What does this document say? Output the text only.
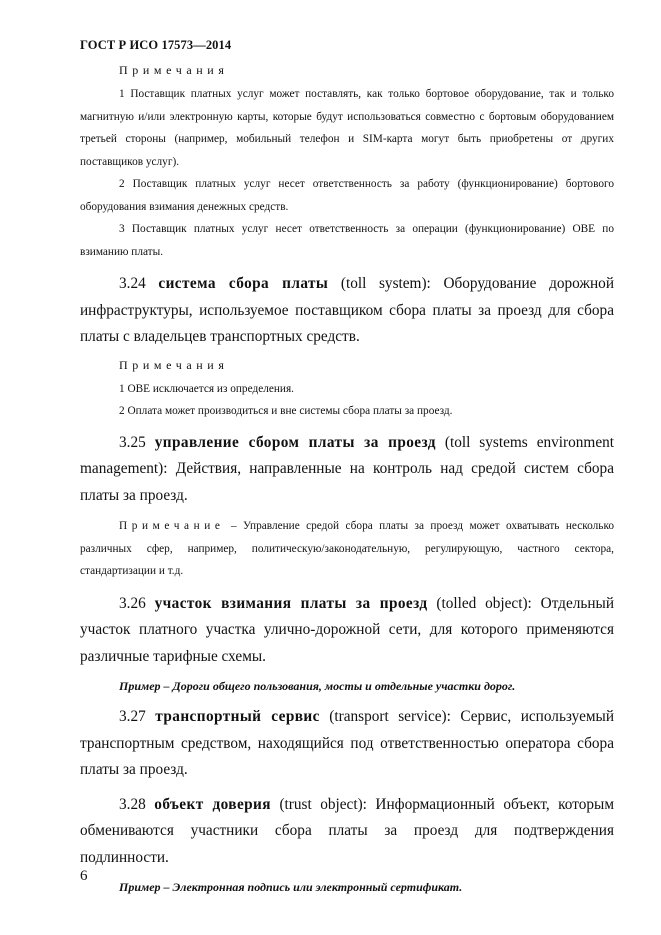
ГОСТ Р ИСО 17573—2014

Примечания

1 Поставщик платных услуг может поставлять, как только бортовое оборудование, так и только магнитную и/или электронную карты, которые будут использоваться совместно с бортовым оборудованием третьей стороны (например, мобильный телефон и SIM-карта могут быть приобретены от других поставщиков услуг).

2 Поставщик платных услуг несет ответственность за работу (функционирование) бортового оборудования взимания денежных средств.

3 Поставщик платных услуг несет ответственность за операции (функционирование) OBE по взиманию платы.

3.24 система сбора платы (toll system): Оборудование дорожной инфраструктуры, используемое поставщиком сбора платы за проезд для сбора платы с владельцев транспортных средств.

Примечания

1 OBE исключается из определения.

2 Оплата может производиться и вне системы сбора платы за проезд.

3.25 управление сбором платы за проезд (toll systems environment management): Действия, направленные на контроль над средой систем сбора платы за проезд.

Примечание – Управление средой сбора платы за проезд может охватывать несколько различных сфер, например, политическую/законодательную, регулирующую, частного сектора, стандартизации и т.д.

3.26 участок взимания платы за проезд (tolled object): Отдельный участок платного участка улично-дорожной сети, для которого применяются различные тарифные схемы.

Пример – Дороги общего пользования, мосты и отдельные участки дорог.

3.27 транспортный сервис (transport service): Сервис, используемый транспортным средством, находящийся под ответственностью оператора сбора платы за проезд.

3.28 объект доверия (trust object): Информационный объект, которым обмениваются участники сбора платы за проезд для подтверждения подлинности.

Пример – Электронная подпись или электронный сертификат.

6
